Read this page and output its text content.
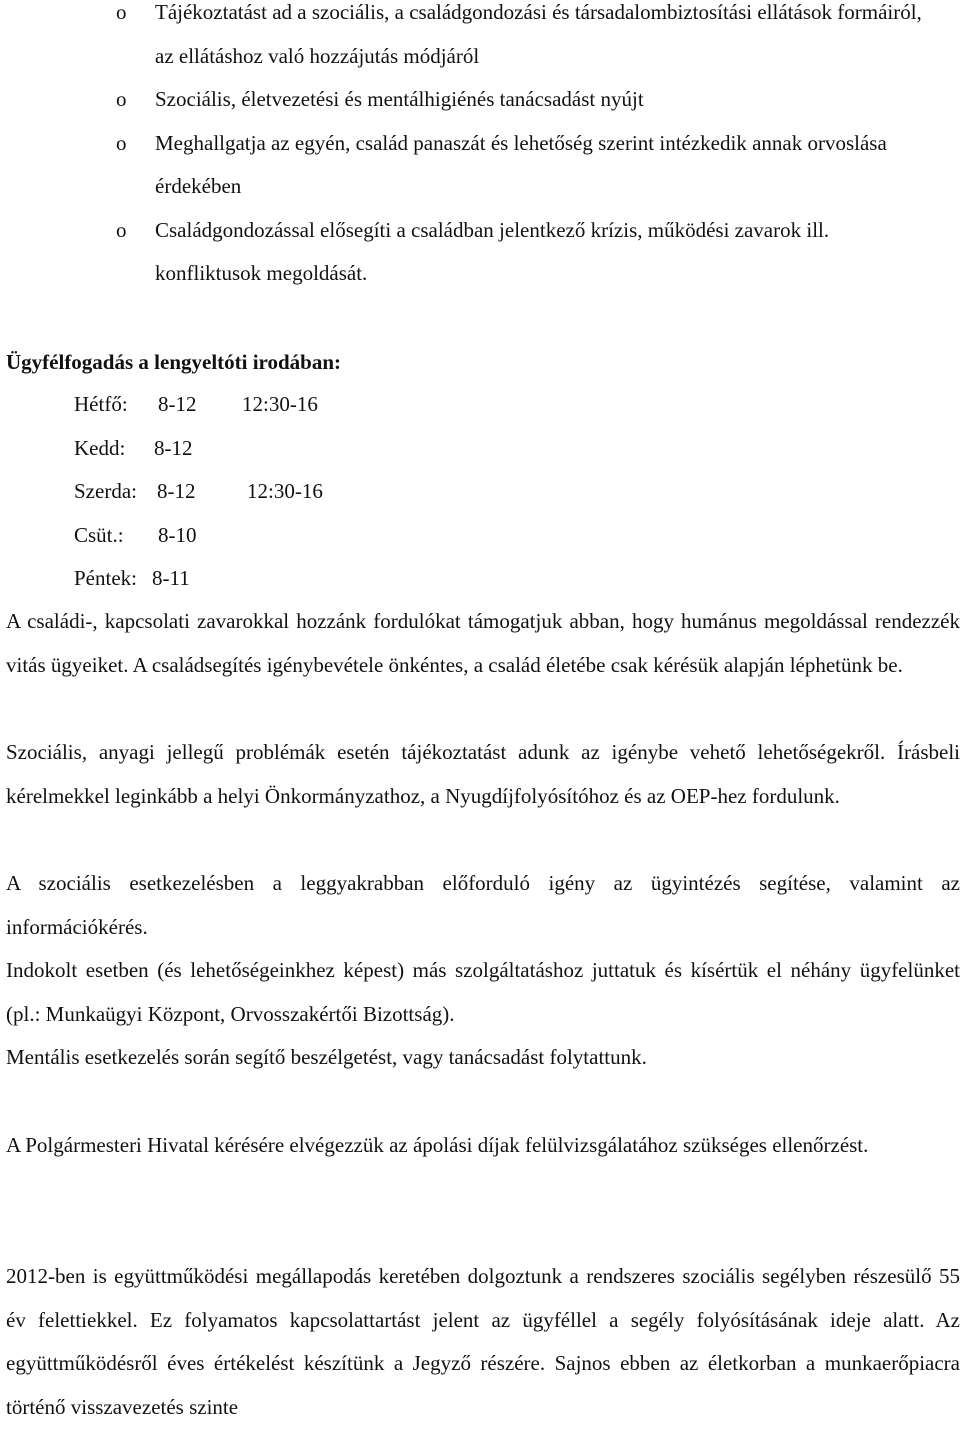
o Tájékoztatást ad a szociális, a családgondozási és társadalombiztosítási ellátások formáiról, az ellátáshoz való hozzájutás módjáról
o Szociális, életvezetési és mentálhigiénés tanácsadást nyújt
o Meghallgatja az egyén, család panaszát és lehetőség szerint intézkedik annak orvoslása érdekében
o Családgondozással elősegíti a családban jelentkező krízis, működési zavarok ill. konfliktusok megoldását.
Ügyfélfogadás a lengyeltóti irodában:
Hétfő: 8-12 12:30-16
Kedd: 8-12
Szerda: 8-12 12:30-16
Csüt.: 8-10
Péntek: 8-11

A családi-, kapcsolati zavarokkal hozzánk fordulókat támogatjuk abban, hogy humánus megoldással rendezzék vitás ügyeiket. A családsegítés igénybevétele önkéntes, a család életébe csak kérésük alapján léphetünk be.

Szociális, anyagi jellegű problémák esetén tájékoztatást adunk az igénybe vehető lehetőségekről. Írásbeli kérelmekkel leginkább a helyi Önkormányzathoz, a Nyugdíjfolyósítóhoz és az OEP-hez fordulunk.

A szociális esetkezelésben a leggyakrabban előforduló igény az ügyintézés segítése, valamint az információkérés.

Indokolt esetben (és lehetőségeinkhez képest) más szolgáltatáshoz juttatuk és kísértük el néhány ügyfelünket (pl.: Munkaügyi Központ, Orvosszakértői Bizottság).

Mentális esetkezelés során segítő beszélgetést, vagy tanácsadást folytattunk.

A Polgármesteri Hivatal kérésére elvégezzük az ápolási díjak felülvizsgálatához szükséges ellenőrzést.

2012-ben is együttműködési megállapodás keretében dolgoztunk a rendszeres szociális segélyben részesülő 55 év felettiekkel. Ez folyamatos kapcsolattartást jelent az ügyféllel a segély folyósításának ideje alatt. Az együttműködésről éves értékelést készítünk a Jegyző részére. Sajnos ebben az életkorban a munkaerőpiacra történő visszavezetés szinte
